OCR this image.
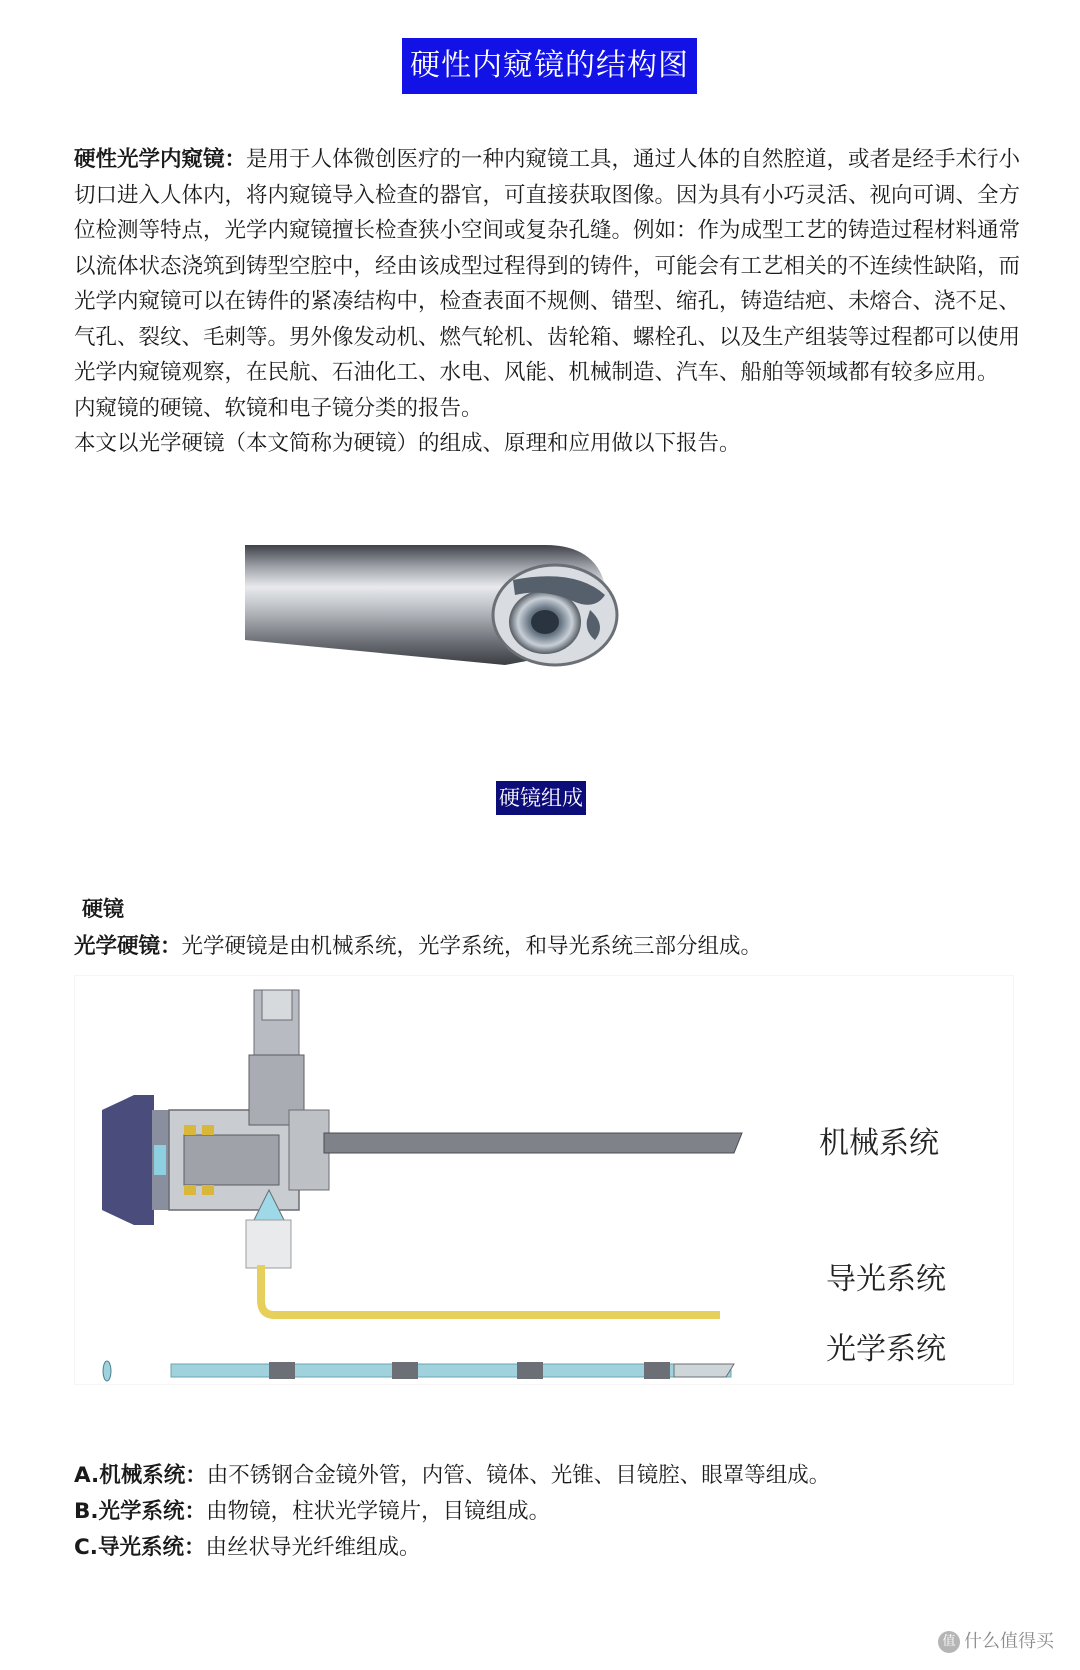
硬性内窥镜的结构图

硬性光学内窥镜：是用于人体微创医疗的一种内窥镜工具，通过人体的自然腔道，或者是经手术行小切口进入人体内，将内窥镜导入检查的器官，可直接获取图像。因为具有小巧灵活、视向可调、全方位检测等特点，光学内窥镜擅长检查狭小空间或复杂孔缝。例如：作为成型工艺的铸造过程材料通常以流体状态浇筑到铸型空腔中，经由该成型过程得到的铸件，可能会有工艺相关的不连续性缺陷，而光学内窥镜可以在铸件的紧凑结构中，检查表面不规侧、错型、缩孔，铸造结疤、未熔合、浇不足、气孔、裂纹、毛刺等。男外像发动机、燃气轮机、齿轮箱、螺栓孔、以及生产组装等过程都可以使用光学内窥镜观察，在民航、石油化工、水电、风能、机械制造、汽车、船舶等领域都有较多应用。

内窥镜的硬镜、软镜和电子镜分类的报告。

本文以光学硬镜（本文简称为硬镜）的组成、原理和应用做以下报告。

硬镜组成
硬镜
光学硬镜：光学硬镜是由机械系统，光学系统，和导光系统三部分组成。
机械系统
导光系统
光学系统
A.机械系统：由不锈钢合金镜外管，内管、镜体、光锥、目镜腔、眼罩等组成。
B.光学系统：由物镜，柱状光学镜片，目镜组成。
C.导光系统：由丝状导光纤维组成。
值 什么值得买
